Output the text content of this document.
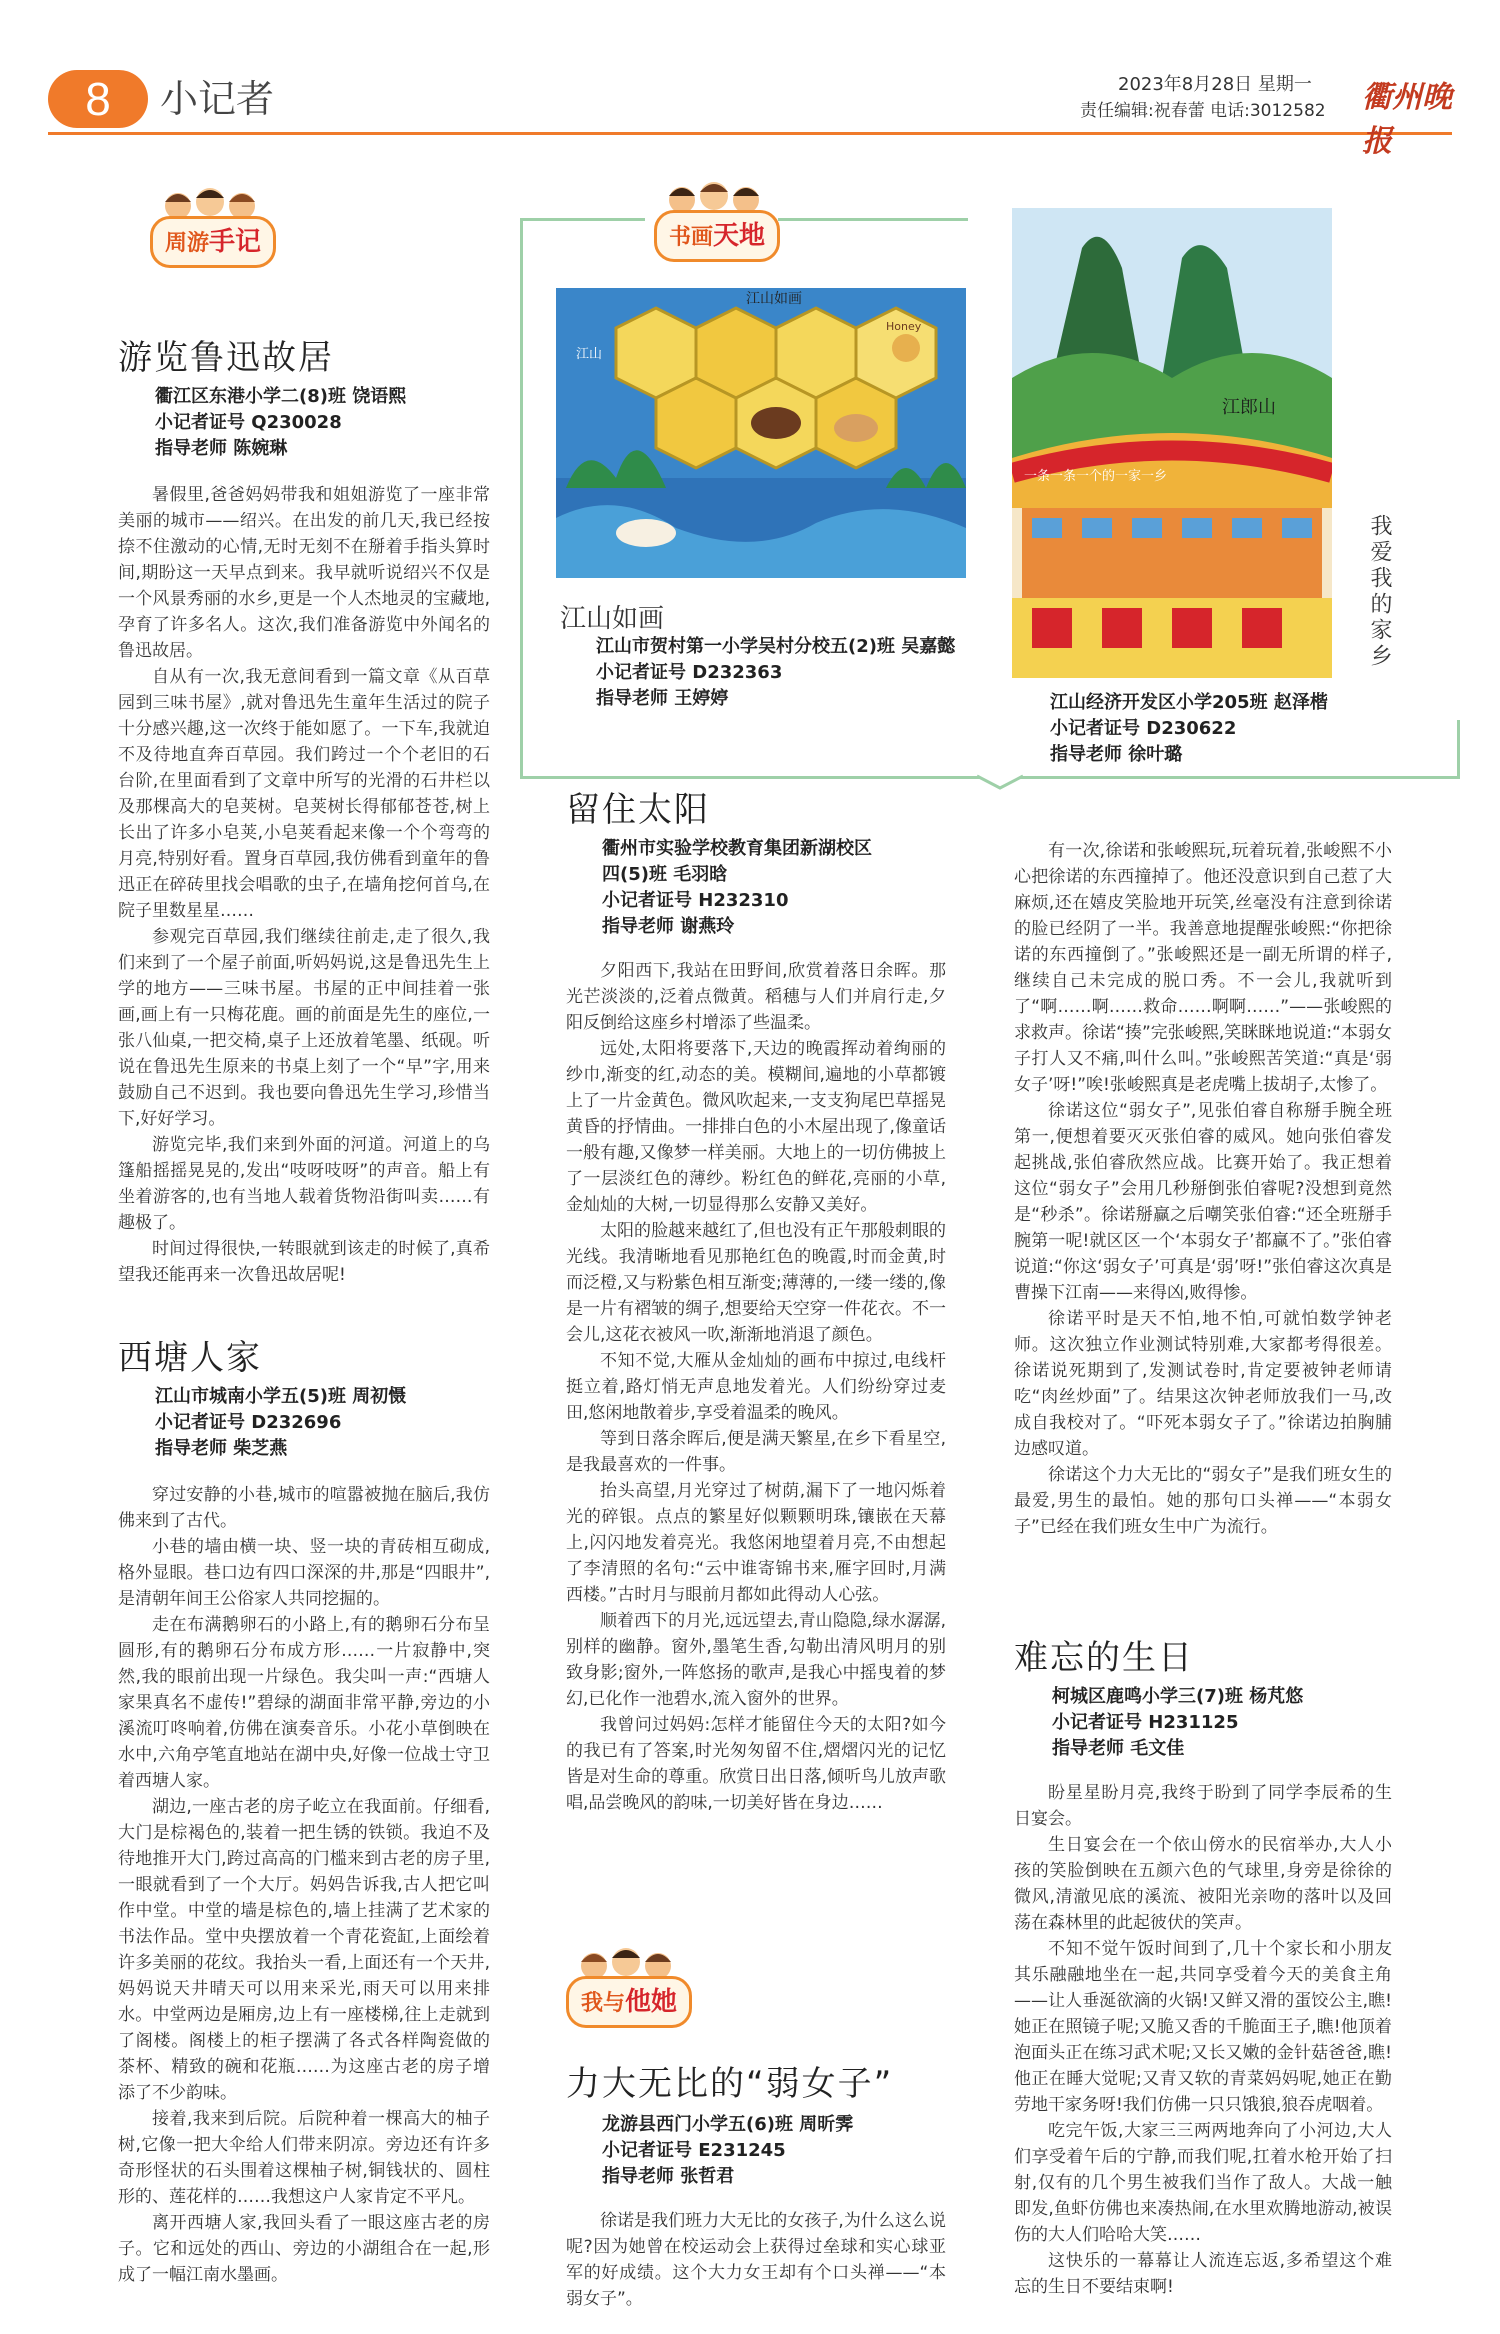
8	小记者	2023年8月28日 星期一
责任编辑:祝春蕾 电话:3012582 衢州晚报
周游手记
游览鲁迅故居
衢江区东港小学二(8)班 饶语熙
小记者证号 Q230028
指导老师 陈婉琳

暑假里,爸爸妈妈带我和姐姐游览了一座非常美丽的城市——绍兴。在出发的前几天,我已经按捺不住激动的心情,无时无刻不在掰着手指头算时间,期盼这一天早点到来。我早就听说绍兴不仅是一个风景秀丽的水乡,更是一个人杰地灵的宝藏地,孕育了许多名人。这次,我们准备游览中外闻名的鲁迅故居。

自从有一次,我无意间看到一篇文章《从百草园到三味书屋》,就对鲁迅先生童年生活过的院子十分感兴趣,这一次终于能如愿了。一下车,我就迫不及待地直奔百草园。我们跨过一个个老旧的石台阶,在里面看到了文章中所写的光滑的石井栏以及那棵高大的皂荚树。皂荚树长得郁郁苍苍,树上长出了许多小皂荚,小皂荚看起来像一个个弯弯的月亮,特别好看。置身百草园,我仿佛看到童年的鲁迅正在碎砖里找会唱歌的虫子,在墙角挖何首乌,在院子里数星星……

参观完百草园,我们继续往前走,走了很久,我们来到了一个屋子前面,听妈妈说,这是鲁迅先生上学的地方——三味书屋。书屋的正中间挂着一张画,画上有一只梅花鹿。画的前面是先生的座位,一张八仙桌,一把交椅,桌子上还放着笔墨、纸砚。听说在鲁迅先生原来的书桌上刻了一个“早”字,用来鼓励自己不迟到。我也要向鲁迅先生学习,珍惜当下,好好学习。

游览完毕,我们来到外面的河道。河道上的乌篷船摇摇晃晃的,发出“吱呀吱呀”的声音。船上有坐着游客的,也有当地人载着货物沿街叫卖……有趣极了。

时间过得很快,一转眼就到该走的时候了,真希望我还能再来一次鲁迅故居呢!

西塘人家
江山市城南小学五(5)班 周初慑
小记者证号 D232696
指导老师 柴芝燕

穿过安静的小巷,城市的喧嚣被抛在脑后,我仿佛来到了古代。

小巷的墙由横一块、竖一块的青砖相互砌成,格外显眼。巷口边有四口深深的井,那是“四眼井”,是清朝年间王公俗家人共同挖掘的。

走在布满鹅卵石的小路上,有的鹅卵石分布呈圆形,有的鹅卵石分布成方形……一片寂静中,突然,我的眼前出现一片绿色。我尖叫一声:“西塘人家果真名不虚传!”碧绿的湖面非常平静,旁边的小溪流叮咚响着,仿佛在演奏音乐。小花小草倒映在水中,六角亭笔直地站在湖中央,好像一位战士守卫着西塘人家。

湖边,一座古老的房子屹立在我面前。仔细看,大门是棕褐色的,装着一把生锈的铁锁。我迫不及待地推开大门,跨过高高的门槛来到古老的房子里,一眼就看到了一个大厅。妈妈告诉我,古人把它叫作中堂。中堂的墙是棕色的,墙上挂满了艺术家的书法作品。堂中央摆放着一个青花瓷缸,上面绘着许多美丽的花纹。我抬头一看,上面还有一个天井,妈妈说天井晴天可以用来采光,雨天可以用来排水。中堂两边是厢房,边上有一座楼梯,往上走就到了阁楼。阁楼上的柜子摆满了各式各样陶瓷做的茶杯、精致的碗和花瓶……为这座古老的房子增添了不少韵味。

接着,我来到后院。后院种着一棵高大的柚子树,它像一把大伞给人们带来阴凉。旁边还有许多奇形怪状的石头围着这棵柚子树,铜钱状的、圆柱形的、莲花样的……我想这户人家肯定不平凡。

离开西塘人家,我回头看了一眼这座古老的房子。它和远处的西山、旁边的小湖组合在一起,形成了一幅江南水墨画。

书画天地
江山如画
Honey
江山
江山如画
江山市贺村第一小学吴村分校五(2)班 吴嘉懿
小记者证号 D232363
指导老师 王婷婷
江郎山
一条一条一个的一家一乡
我爱我的家乡
江山经济开发区小学205班 赵泽楷
小记者证号 D230622
指导老师 徐叶璐
留住太阳
衢州市实验学校教育集团新湖校区
四(5)班 毛羽晗
小记者证号 H232310
指导老师 谢燕玲

夕阳西下,我站在田野间,欣赏着落日余晖。那光芒淡淡的,泛着点微黄。稻穗与人们并肩行走,夕阳反倒给这座乡村增添了些温柔。

远处,太阳将要落下,天边的晚霞挥动着绚丽的纱巾,渐变的红,动态的美。模糊间,遍地的小草都镀上了一片金黄色。微风吹起来,一支支狗尾巴草摇晃黄昏的抒情曲。一排排白色的小木屋出现了,像童话一般有趣,又像梦一样美丽。大地上的一切仿佛披上了一层淡红色的薄纱。粉红色的鲜花,亮丽的小草,金灿灿的大树,一切显得那么安静又美好。

太阳的脸越来越红了,但也没有正午那般刺眼的光线。我清晰地看见那艳红色的晚霞,时而金黄,时而泛橙,又与粉紫色相互渐变;薄薄的,一缕一缕的,像是一片有褶皱的绸子,想要给天空穿一件花衣。不一会儿,这花衣被风一吹,渐渐地消退了颜色。

不知不觉,大雁从金灿灿的画布中掠过,电线杆挺立着,路灯悄无声息地发着光。人们纷纷穿过麦田,悠闲地散着步,享受着温柔的晚风。

等到日落余晖后,便是满天繁星,在乡下看星空,是我最喜欢的一件事。

抬头高望,月光穿过了树荫,漏下了一地闪烁着光的碎银。点点的繁星好似颗颗明珠,镶嵌在天幕上,闪闪地发着亮光。我悠闲地望着月亮,不由想起了李清照的名句:“云中谁寄锦书来,雁字回时,月满西楼。”古时月与眼前月都如此得动人心弦。

顺着西下的月光,远远望去,青山隐隐,绿水潺潺,别样的幽静。窗外,墨笔生香,勾勒出清风明月的别致身影;窗外,一阵悠扬的歌声,是我心中摇曳着的梦幻,已化作一池碧水,流入窗外的世界。

我曾问过妈妈:怎样才能留住今天的太阳?如今的我已有了答案,时光匆匆留不住,熠熠闪光的记忆皆是对生命的尊重。欣赏日出日落,倾听鸟儿放声歌唱,品尝晚风的韵味,一切美好皆在身边……

我与他她
力大无比的“弱女子”
龙游县西门小学五(6)班 周昕霁
小记者证号 E231245
指导老师 张哲君

徐诺是我们班力大无比的女孩子,为什么这么说呢?因为她曾在校运动会上获得过垒球和实心球亚军的好成绩。这个大力女王却有个口头禅——“本弱女子”。

有一次,徐诺和张峻熙玩,玩着玩着,张峻熙不小心把徐诺的东西撞掉了。他还没意识到自己惹了大麻烦,还在嬉皮笑脸地开玩笑,丝毫没有注意到徐诺的脸已经阴了一半。我善意地提醒张峻熙:“你把徐诺的东西撞倒了。”张峻熙还是一副无所谓的样子,继续自己未完成的脱口秀。不一会儿,我就听到了“啊……啊……救命……啊啊……”——张峻熙的求救声。徐诺“揍”完张峻熙,笑眯眯地说道:“本弱女子打人又不痛,叫什么叫。”张峻熙苦笑道:“真是‘弱女子’呀!”唉!张峻熙真是老虎嘴上拔胡子,太惨了。

徐诺这位“弱女子”,见张伯睿自称掰手腕全班第一,便想着要灭灭张伯睿的威风。她向张伯睿发起挑战,张伯睿欣然应战。比赛开始了。我正想着这位“弱女子”会用几秒掰倒张伯睿呢?没想到竟然是“秒杀”。徐诺掰赢之后嘲笑张伯睿:“还全班掰手腕第一呢!就区区一个‘本弱女子’都赢不了。”张伯睿说道:“你这‘弱女子’可真是‘弱’呀!”张伯睿这次真是曹操下江南——来得凶,败得惨。

徐诺平时是天不怕,地不怕,可就怕数学钟老师。这次独立作业测试特别难,大家都考得很差。徐诺说死期到了,发测试卷时,肯定要被钟老师请吃“肉丝炒面”了。结果这次钟老师放我们一马,改成自我校对了。“吓死本弱女子了。”徐诺边拍胸脯边感叹道。

徐诺这个力大无比的“弱女子”是我们班女生的最爱,男生的最怕。她的那句口头禅——“本弱女子”已经在我们班女生中广为流行。

难忘的生日
柯城区鹿鸣小学三(7)班 杨芃悠
小记者证号 H231125
指导老师 毛文佳

盼星星盼月亮,我终于盼到了同学李辰希的生日宴会。

生日宴会在一个依山傍水的民宿举办,大人小孩的笑脸倒映在五颜六色的气球里,身旁是徐徐的微风,清澈见底的溪流、被阳光亲吻的落叶以及回荡在森林里的此起彼伏的笑声。

不知不觉午饭时间到了,几十个家长和小朋友其乐融融地坐在一起,共同享受着今天的美食主角——让人垂涎欲滴的火锅!又鲜又滑的蛋饺公主,瞧!她正在照镜子呢;又脆又香的千脆面王子,瞧!他顶着泡面头正在练习武术呢;又长又嫩的金针菇爸爸,瞧!他正在睡大觉呢;又青又软的青菜妈妈呢,她正在勤劳地干家务呀!我们仿佛一只只饿狼,狼吞虎咽着。

吃完午饭,大家三三两两地奔向了小河边,大人们享受着午后的宁静,而我们呢,扛着水枪开始了扫射,仅有的几个男生被我们当作了敌人。大战一触即发,鱼虾仿佛也来凑热闹,在水里欢腾地游动,被误伤的大人们哈哈大笑……

这快乐的一幕幕让人流连忘返,多希望这个难忘的生日不要结束啊!
